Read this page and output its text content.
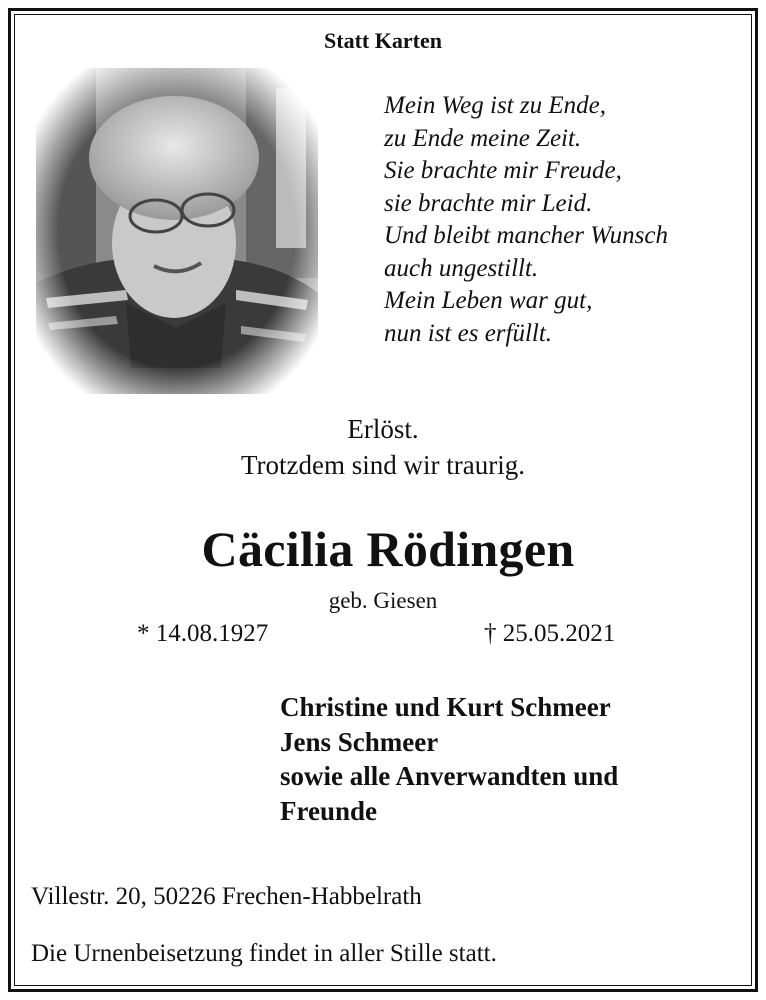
Statt Karten
Mein Weg ist zu Ende,
zu Ende meine Zeit.
Sie brachte mir Freude,
sie brachte mir Leid.
Und bleibt mancher Wunsch
auch ungestillt.
Mein Leben war gut,
nun ist es erfüllt.
Erlöst.
Trotzdem sind wir traurig.
Cäcilia Rödingen
geb. Giesen
* 14.08.1927	† 25.05.2021
Christine und Kurt Schmeer
Jens Schmeer
sowie alle Anverwandten und
Freunde
Villestr. 20, 50226 Frechen-Habbelrath
Die Urnenbeisetzung findet in aller Stille statt.
